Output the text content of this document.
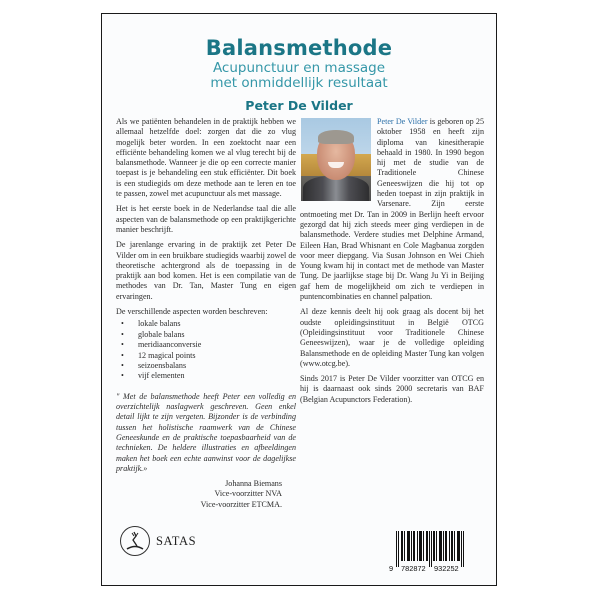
Balansmethode
Acupunctuur en massage
met onmiddellijk resultaat
Peter De Vilder

Als we patiënten behandelen in de praktijk hebben we allemaal hetzelfde doel: zorgen dat die zo vlug mogelijk beter worden. In een zoektocht naar een efficiënte behandeling komen we al vlug terecht bij de balansmethode. Wanneer je die op een correcte manier toepast is je behandeling een stuk efficiënter. Dit boek is een studiegids om deze methode aan te leren en toe te passen, zowel met acupunctuur als met massage.

Het is het eerste boek in de Nederlandse taal die alle aspecten van de balansmethode op een praktijkgerichte manier beschrijft.

De jarenlange ervaring in de praktijk zet Peter De Vilder om in een bruikbare studiegids waarbij zowel de theoretische achtergrond als de toepassing in de praktijk aan bod komen. Het is een compilatie van de methodes van Dr. Tan, Master Tung en eigen ervaringen.

De verschillende aspecten worden beschreven:

• lokale balans
• globale balans
• meridiaanconversie
• 12 magical points
• seizoensbalans
• vijf elementen

" Met de balansmethode heeft Peter een volledig en overzichtelijk naslagwerk geschreven. Geen enkel detail lijkt te zijn vergeten. Bijzonder is de verbinding tussen het holistische raamwerk van de Chinese Geneeskunde en de praktische toepasbaarheid van de technieken. De heldere illustraties en afbeeldingen maken het boek een echte aanwinst voor de dagelijkse praktijk.»

Johanna Biemans
Vice-voorzitter NVA
Vice-voorzitter ETCMA.

Peter De Vilder is geboren op 25 oktober 1958 en heeft zijn diploma van kinesitherapie behaald in 1980. In 1990 begon hij met de studie van de Traditionele Chinese Geneeswijzen die hij tot op heden toepast in zijn praktijk in Varsenare. Zijn eerste ontmoeting met Dr. Tan in 2009 in Berlijn heeft ervoor gezorgd dat hij zich steeds meer ging verdiepen in de balansmethode. Verdere studies met Delphine Armand, Eileen Han, Brad Whisnant en Cole Magbanua zorgden voor meer diepgang. Via Susan Johnson en Wei Chieh Young kwam hij in contact met de methode van Master Tung. De jaarlijkse stage bij Dr. Wang Ju Yi in Beijing gaf hem de mogelijkheid om zich te verdiepen in puntencombinaties en channel palpation.

Al deze kennis deelt hij ook graag als docent bij het oudste opleidingsinstituut in België OTCG (Opleidingsinstituut voor Traditionele Chinese Geneeswijzen), waar je de volledige opleiding Balansmethode en de opleiding Master Tung kan volgen (www.otcg.be).

Sinds 2017 is Peter De Vilder voorzitter van OTCG en hij is daarnaast ook sinds 2000 secretaris van BAF (Belgian Acupunctors Federation).

SATAS
9 782872 932252
